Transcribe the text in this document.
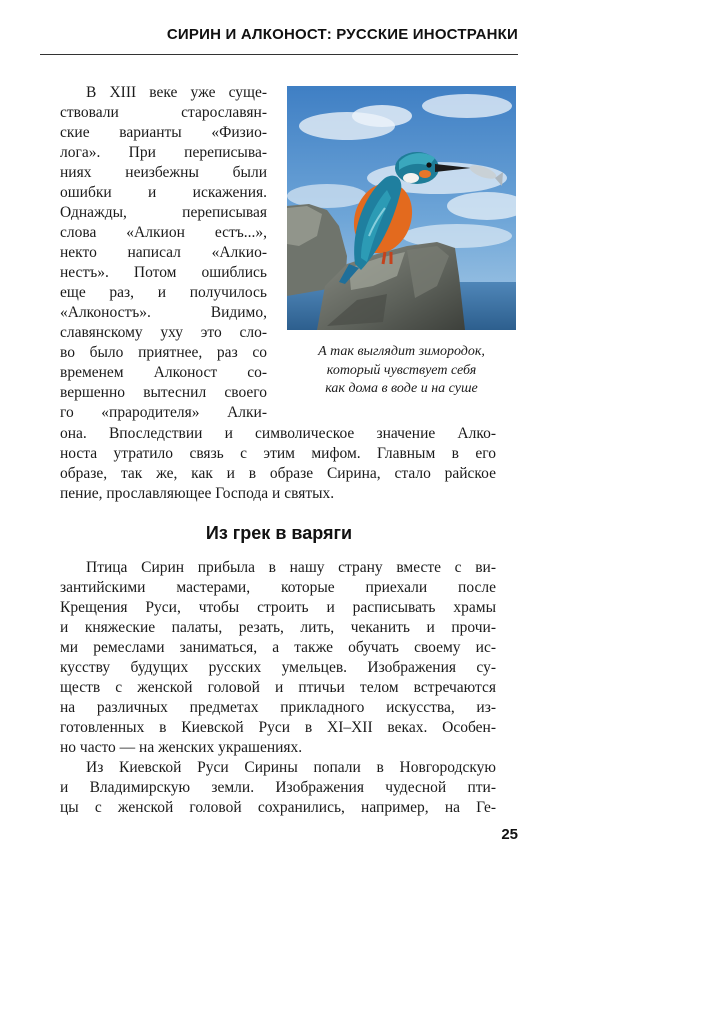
СИРИН И АЛКОНОСТ: РУССКИЕ ИНОСТРАНКИ
А так выглядит зимородок,
который чувствует себя
как дома в воде и на суше
В XIII веке уже суще-
ствовали старославян-
ские варианты «Физио-
лога». При переписыва-
ниях неизбежны были
ошибки и искажения.
Однажды, переписывая
слова «Алкион естъ...»,
некто написал «Алкио-
нестъ». Потом ошиблись
еще раз, и получилось
«Алконостъ». Видимо,
славянскому уху это сло-
во было приятнее, раз со
временем Алконост со-
вершенно вытеснил своего
го «прародителя» Алки-
она. Впоследствии и символическое значение Алко-
носта утратило связь с этим мифом. Главным в его
образе, так же, как и в образе Сирина, стало райское
пение, прославляющее Господа и святых.
Из грек в варяги
Птица Сирин прибыла в нашу страну вместе с ви-
зантийскими мастерами, которые приехали после
Крещения Руси, чтобы строить и расписывать храмы
и княжеские палаты, резать, лить, чеканить и прочи-
ми ремеслами заниматься, а также обучать своему ис-
кусству будущих русских умельцев. Изображения су-
ществ с женской головой и птичьи телом встречаются
на различных предметах прикладного искусства, из-
готовленных в Киевской Руси в XI–XII веках. Особен-
но часто — на женских украшениях.
Из Киевской Руси Сирины попали в Новгородскую
и Владимирскую земли. Изображения чудесной пти-
цы с женской головой сохранились, например, на Ге-
25
